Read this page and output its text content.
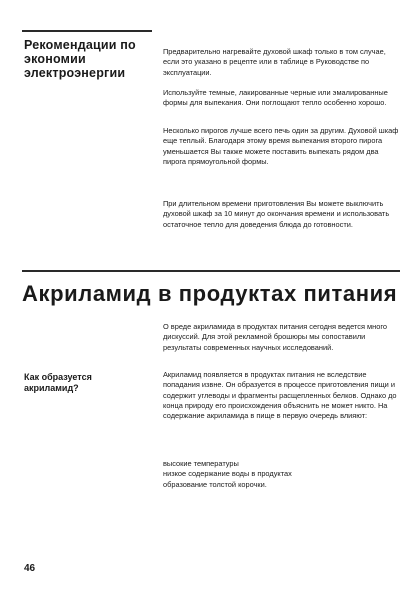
Рекомендации по экономии электроэнергии

Предварительно нагревайте духовой шкаф только в том случае, если это указано в рецепте или в таблице в Руководстве по эксплуатации.

Используйте темные, лакированные черные или эмалированные формы для выпекания. Они поглощают тепло особенно хорошо.

Несколько пирогов лучше всего печь один за другим. Духовой шкаф еще теплый. Благодаря этому время выпекания второго пирога уменьшается Вы также можете поставить выпекать рядом два пирога прямоугольной формы.

При длительном времени приготовления Вы можете выключить духовой шкаф за 10 минут до окончания времени и использовать остаточное тепло для доведения блюда до готовности.

Акриламид в продуктах питания

О вреде акриламида в продуктах питания сегодня ведется много дискуссий. Для этой рекламной брошюры мы сопоставили результаты современных научных исследований.

Как образуется акриламид?

Акриламид появляется в продуктах питания не вследствие попадания извне. Он образуется в процессе приготовления пищи и содержит углеводы и фрагменты расщепленных белков. Однако до конца природу его происхождения объяснить не может никто. На содержание акриламида в пище в первую очередь влияют:

высокие температуры
низкое содержание воды в продуктах
образование толстой корочки.
46
